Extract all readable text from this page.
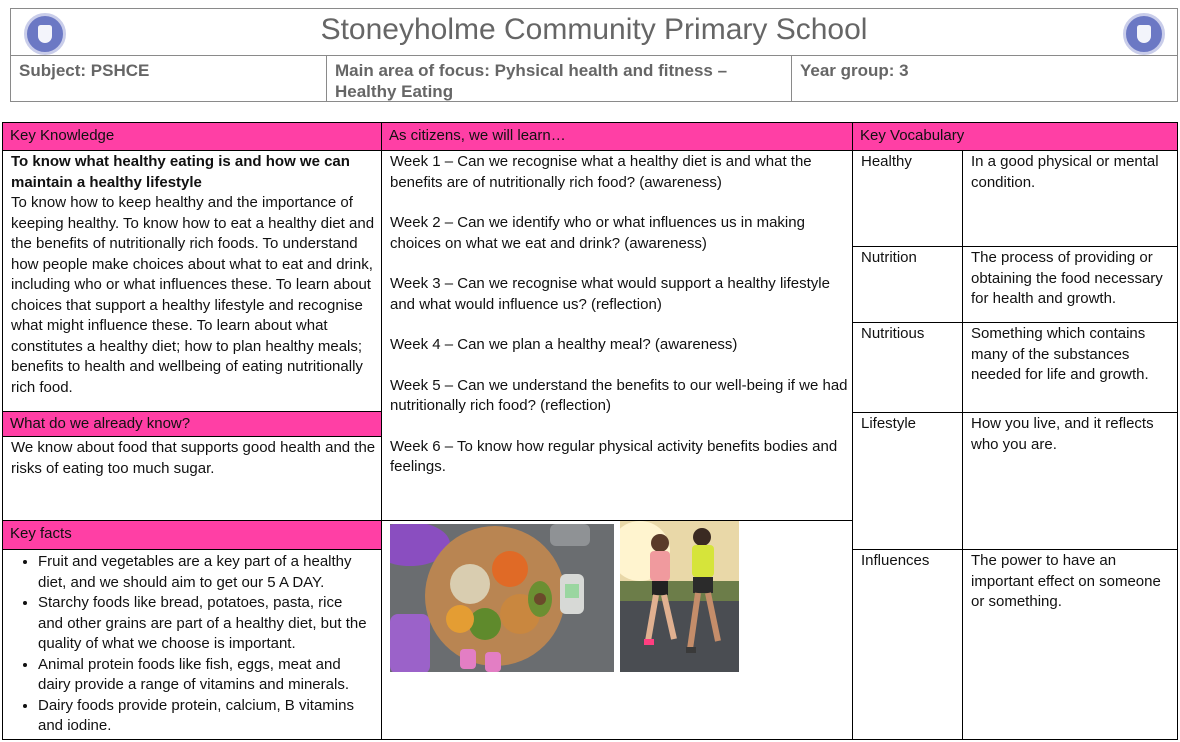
Stoneyholme Community Primary School
Subject: PSHCE	Main area of focus: Pyhsical health and fitness – Healthy Eating
Year group: 3
Key Knowledge
To know what healthy eating is and how we can maintain a healthy lifestyle
To know how to keep healthy and the importance of keeping healthy. To know how to eat a healthy diet and the benefits of nutritionally rich foods. To understand how people make choices about what to eat and drink, including who or what influences these. To learn about choices that support a healthy lifestyle and recognise what might influence these. To learn about what constitutes a healthy diet; how to plan healthy meals; benefits to health and wellbeing of eating nutritionally rich food.
What do we already know?
We know about food that supports good health and the risks of eating too much sugar.
Key facts
• Fruit and vegetables are a key part of a healthy diet, and we should aim to get our 5 A DAY.
• Starchy foods like bread, potatoes, pasta, rice and other grains are part of a healthy diet, but the quality of what we choose is important.
• Animal protein foods like fish, eggs, meat and dairy provide a range of vitamins and minerals.
• Dairy foods provide protein, calcium, B vitamins and iodine.
As citizens, we will learn…

Week 1 – Can we recognise what a healthy diet is and what the benefits are of nutritionally rich food? (awareness)

Week 2 – Can we identify who or what influences us in making choices on what we eat and drink? (awareness)

Week 3 – Can we recognise what would support a healthy lifestyle and what would influence us? (reflection)

Week 4 – Can we plan a healthy meal? (awareness)

Week 5 – Can we understand the benefits to our well-being if we had nutritionally rich food? (reflection)

Week 6 – To know how regular physical activity benefits bodies and feelings.

Key Vocabulary
Healthy	In a good physical or mental condition.
Nutrition	The process of providing or obtaining the food necessary for health and growth.
Nutritious	Something which contains many of the substances needed for life and growth.
Lifestyle	How you live, and it reflects who you are.
Influences	The power to have an important effect on someone or something.
